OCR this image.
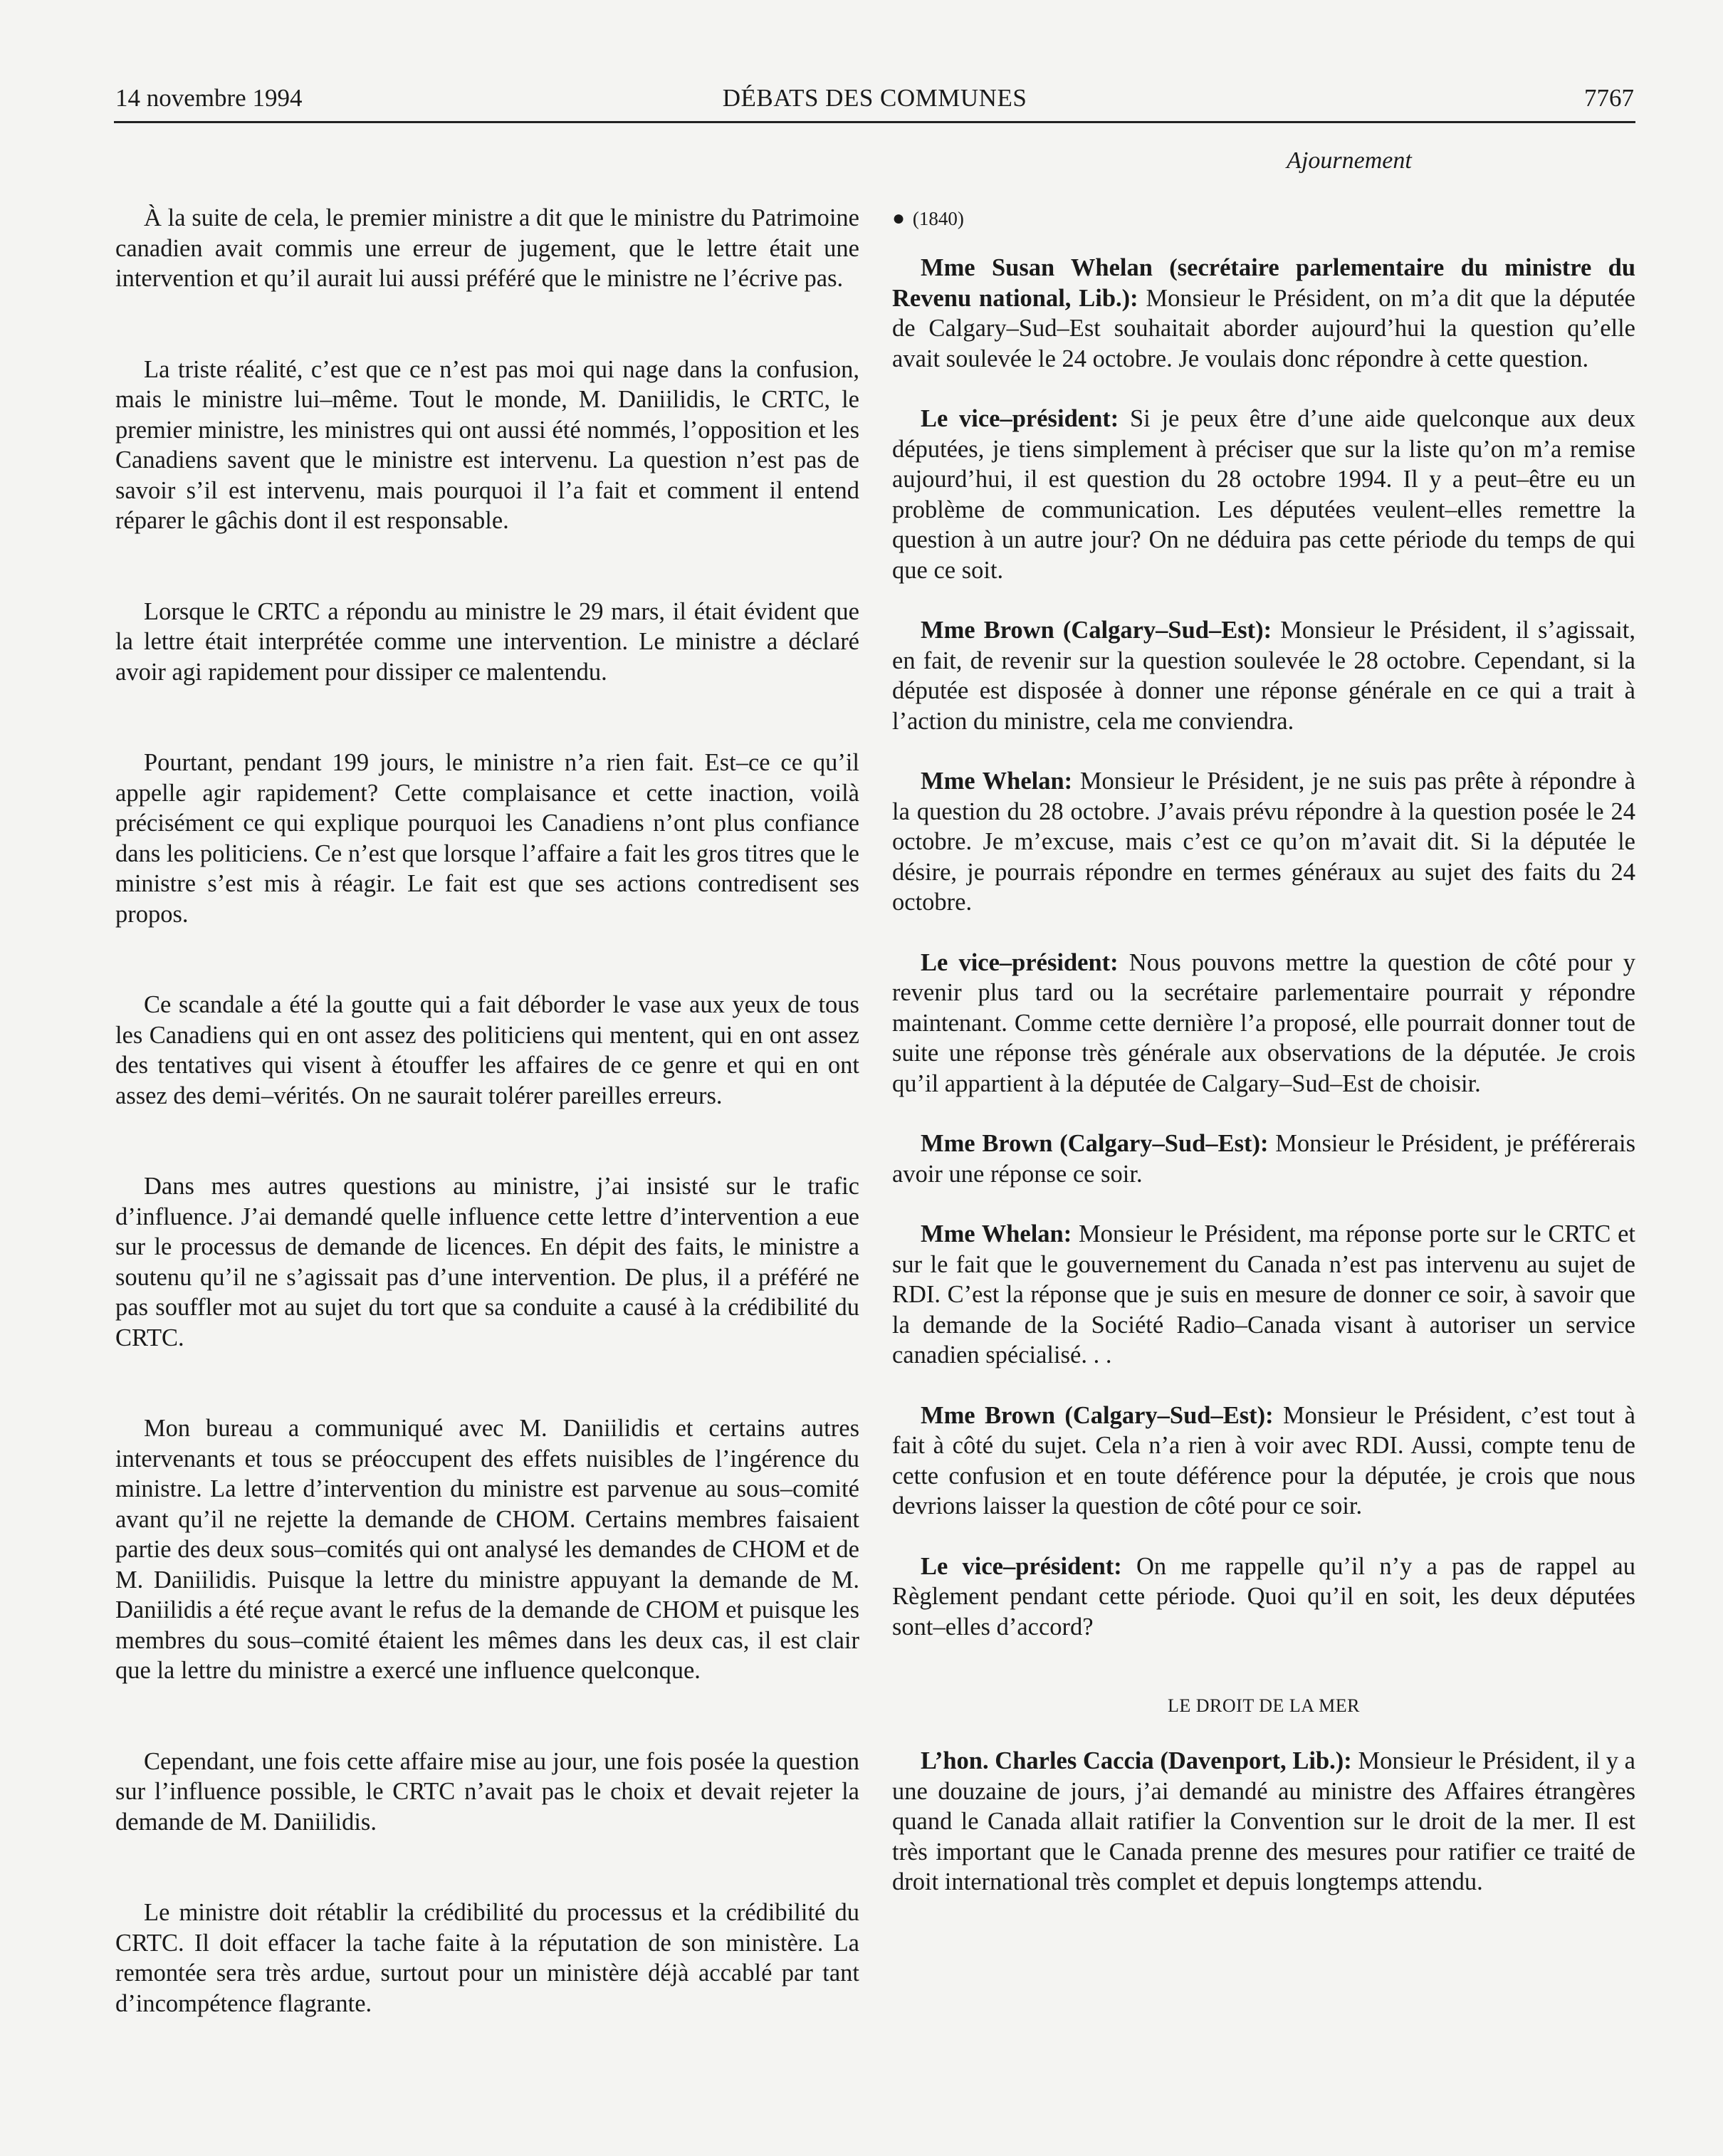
14 novembre 1994	DÉBATS DES COMMUNES	7767

À la suite de cela, le premier ministre a dit que le ministre du Patrimoine canadien avait commis une erreur de jugement, que le lettre était une intervention et qu’il aurait lui aussi préféré que le ministre ne l’écrive pas.

La triste réalité, c’est que ce n’est pas moi qui nage dans la confusion, mais le ministre lui–même. Tout le monde, M. Daniilidis, le CRTC, le premier ministre, les ministres qui ont aussi été nommés, l’opposition et les Canadiens savent que le ministre est intervenu. La question n’est pas de savoir s’il est intervenu, mais pourquoi il l’a fait et comment il entend réparer le gâchis dont il est responsable.

Lorsque le CRTC a répondu au ministre le 29 mars, il était évident que la lettre était interprétée comme une intervention. Le ministre a déclaré avoir agi rapidement pour dissiper ce malentendu.

Pourtant, pendant 199 jours, le ministre n’a rien fait. Est–ce ce qu’il appelle agir rapidement? Cette complaisance et cette inaction, voilà précisément ce qui explique pourquoi les Canadiens n’ont plus confiance dans les politiciens. Ce n’est que lorsque l’affaire a fait les gros titres que le ministre s’est mis à réagir. Le fait est que ses actions contredisent ses propos.

Ce scandale a été la goutte qui a fait déborder le vase aux yeux de tous les Canadiens qui en ont assez des politiciens qui mentent, qui en ont assez des tentatives qui visent à étouffer les affaires de ce genre et qui en ont assez des demi–vérités. On ne saurait tolérer pareilles erreurs.

Dans mes autres questions au ministre, j’ai insisté sur le trafic d’influence. J’ai demandé quelle influence cette lettre d’intervention a eue sur le processus de demande de licences. En dépit des faits, le ministre a soutenu qu’il ne s’agissait pas d’une intervention. De plus, il a préféré ne pas souffler mot au sujet du tort que sa conduite a causé à la crédibilité du CRTC.

Mon bureau a communiqué avec M. Daniilidis et certains autres intervenants et tous se préoccupent des effets nuisibles de l’ingérence du ministre. La lettre d’intervention du ministre est parvenue au sous–comité avant qu’il ne rejette la demande de CHOM. Certains membres faisaient partie des deux sous–comités qui ont analysé les demandes de CHOM et de M. Daniilidis. Puisque la lettre du ministre appuyant la demande de M. Daniilidis a été reçue avant le refus de la demande de CHOM et puisque les membres du sous–comité étaient les mêmes dans les deux cas, il est clair que la lettre du ministre a exercé une influence quelconque.

Cependant, une fois cette affaire mise au jour, une fois posée la question sur l’influence possible, le CRTC n’avait pas le choix et devait rejeter la demande de M. Daniilidis.

Le ministre doit rétablir la crédibilité du processus et la crédibilité du CRTC. Il doit effacer la tache faite à la réputation de son ministère. La remontée sera très ardue, surtout pour un ministère déjà accablé par tant d’incompétence flagrante.

Ajournement
● (1840)

Mme Susan Whelan (secrétaire parlementaire du ministre du Revenu national, Lib.): Monsieur le Président, on m’a dit que la députée de Calgary–Sud–Est souhaitait aborder aujourd’hui la question qu’elle avait soulevée le 24 octobre. Je voulais donc répondre à cette question.

Le vice–président: Si je peux être d’une aide quelconque aux deux députées, je tiens simplement à préciser que sur la liste qu’on m’a remise aujourd’hui, il est question du 28 octobre 1994. Il y a peut–être eu un problème de communication. Les députées veulent–elles remettre la question à un autre jour? On ne déduira pas cette période du temps de qui que ce soit.

Mme Brown (Calgary–Sud–Est): Monsieur le Président, il s’agissait, en fait, de revenir sur la question soulevée le 28 octobre. Cependant, si la députée est disposée à donner une réponse générale en ce qui a trait à l’action du ministre, cela me conviendra.

Mme Whelan: Monsieur le Président, je ne suis pas prête à répondre à la question du 28 octobre. J’avais prévu répondre à la question posée le 24 octobre. Je m’excuse, mais c’est ce qu’on m’avait dit. Si la députée le désire, je pourrais répondre en termes généraux au sujet des faits du 24 octobre.

Le vice–président: Nous pouvons mettre la question de côté pour y revenir plus tard ou la secrétaire parlementaire pourrait y répondre maintenant. Comme cette dernière l’a proposé, elle pourrait donner tout de suite une réponse très générale aux observations de la députée. Je crois qu’il appartient à la députée de Calgary–Sud–Est de choisir.

Mme Brown (Calgary–Sud–Est): Monsieur le Président, je préférerais avoir une réponse ce soir.

Mme Whelan: Monsieur le Président, ma réponse porte sur le CRTC et sur le fait que le gouvernement du Canada n’est pas intervenu au sujet de RDI. C’est la réponse que je suis en mesure de donner ce soir, à savoir que la demande de la Société Radio–Canada visant à autoriser un service canadien spécialisé. . .

Mme Brown (Calgary–Sud–Est): Monsieur le Président, c’est tout à fait à côté du sujet. Cela n’a rien à voir avec RDI. Aussi, compte tenu de cette confusion et en toute déférence pour la députée, je crois que nous devrions laisser la question de côté pour ce soir.

Le vice–président: On me rappelle qu’il n’y a pas de rappel au Règlement pendant cette période. Quoi qu’il en soit, les deux députées sont–elles d’accord?

LE DROIT DE LA MER

L’hon. Charles Caccia (Davenport, Lib.): Monsieur le Président, il y a une douzaine de jours, j’ai demandé au ministre des Affaires étrangères quand le Canada allait ratifier la Convention sur le droit de la mer. Il est très important que le Canada prenne des mesures pour ratifier ce traité de droit international très complet et depuis longtemps attendu.
